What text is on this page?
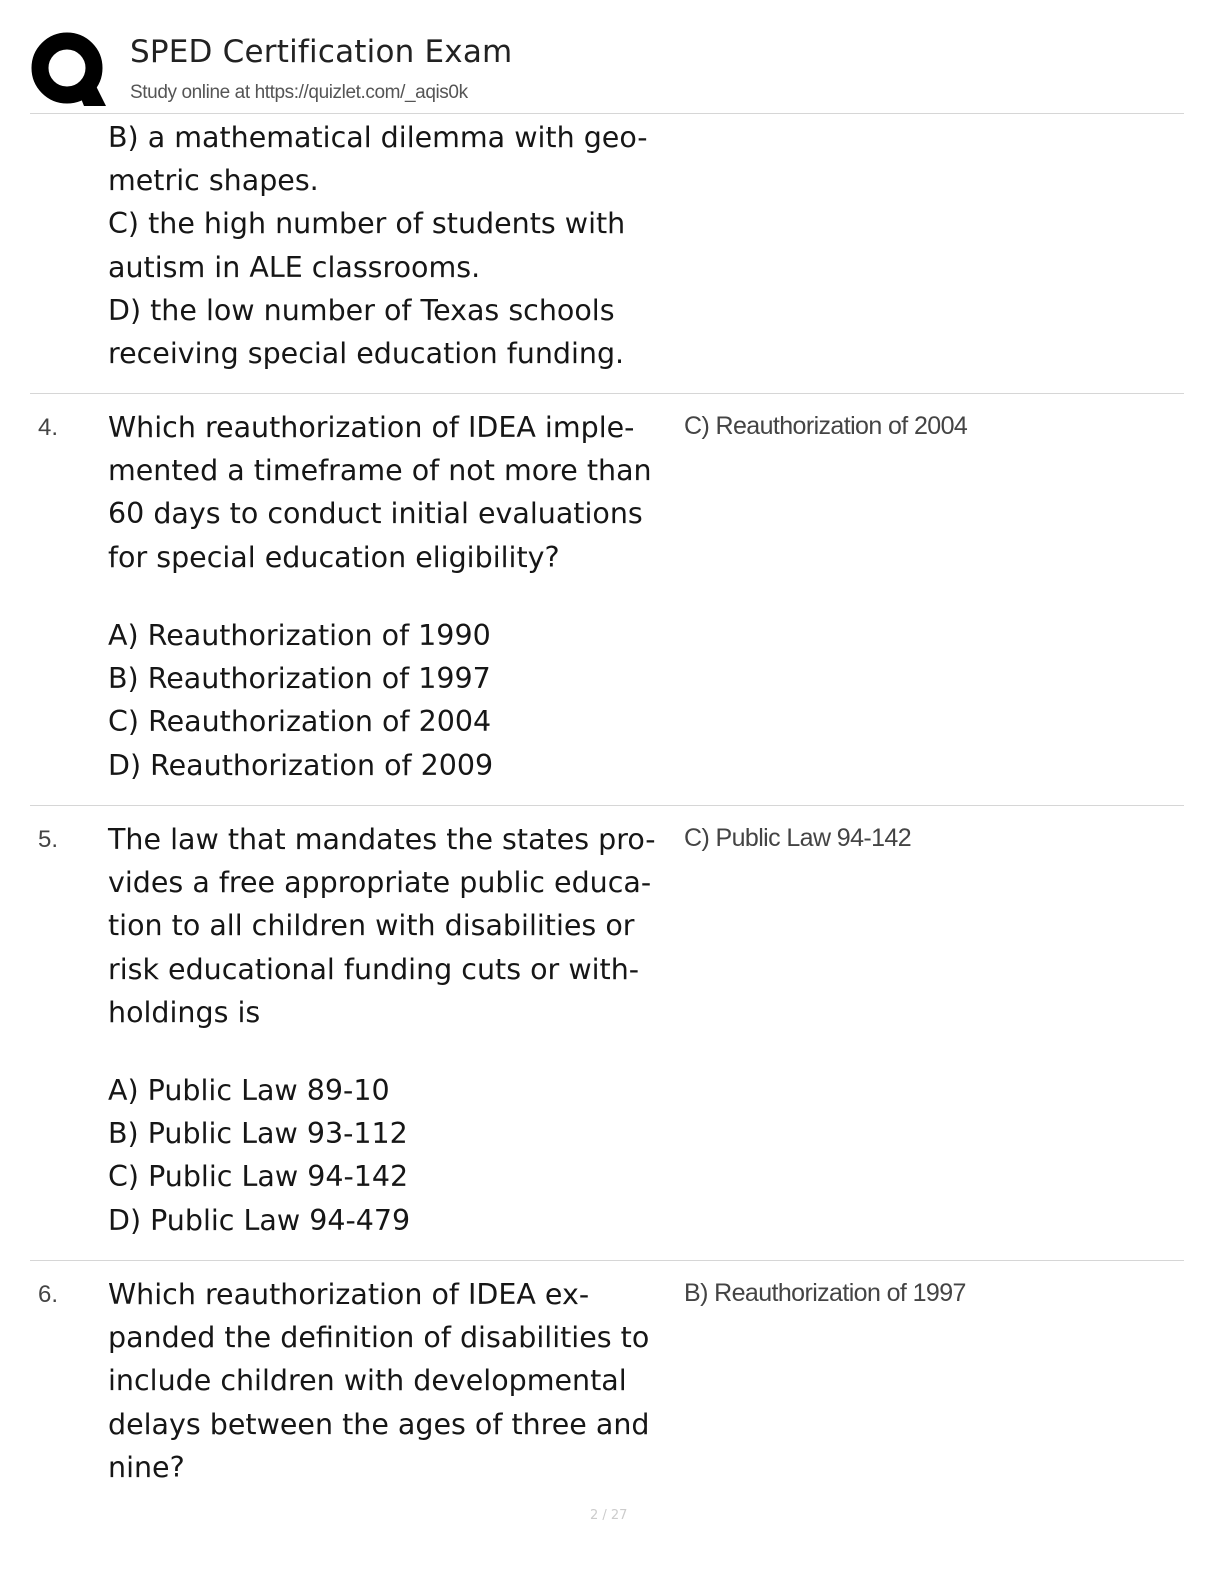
SPED Certification Exam
Study online at https://quizlet.com/_aqis0k
B) a mathematical dilemma with geo-
metric shapes.
C) the high number of students with
autism in ALE classrooms.
D) the low number of Texas schools
receiving special education funding.
4.	C) Reauthorization of 2004
Which reauthorization of IDEA imple-
mented a timeframe of not more than
60 days to conduct initial evaluations
for special education eligibility?
A) Reauthorization of 1990
B) Reauthorization of 1997
C) Reauthorization of 2004
D) Reauthorization of 2009
5.	C) Public Law 94-142
The law that mandates the states pro-
vides a free appropriate public educa-
tion to all children with disabilities or
risk educational funding cuts or with-
holdings is
A) Public Law 89-10
B) Public Law 93-112
C) Public Law 94-142
D) Public Law 94-479
6.	B) Reauthorization of 1997
Which reauthorization of IDEA ex-
panded the definition of disabilities to
include children with developmental
delays between the ages of three and
nine?
2 / 27
